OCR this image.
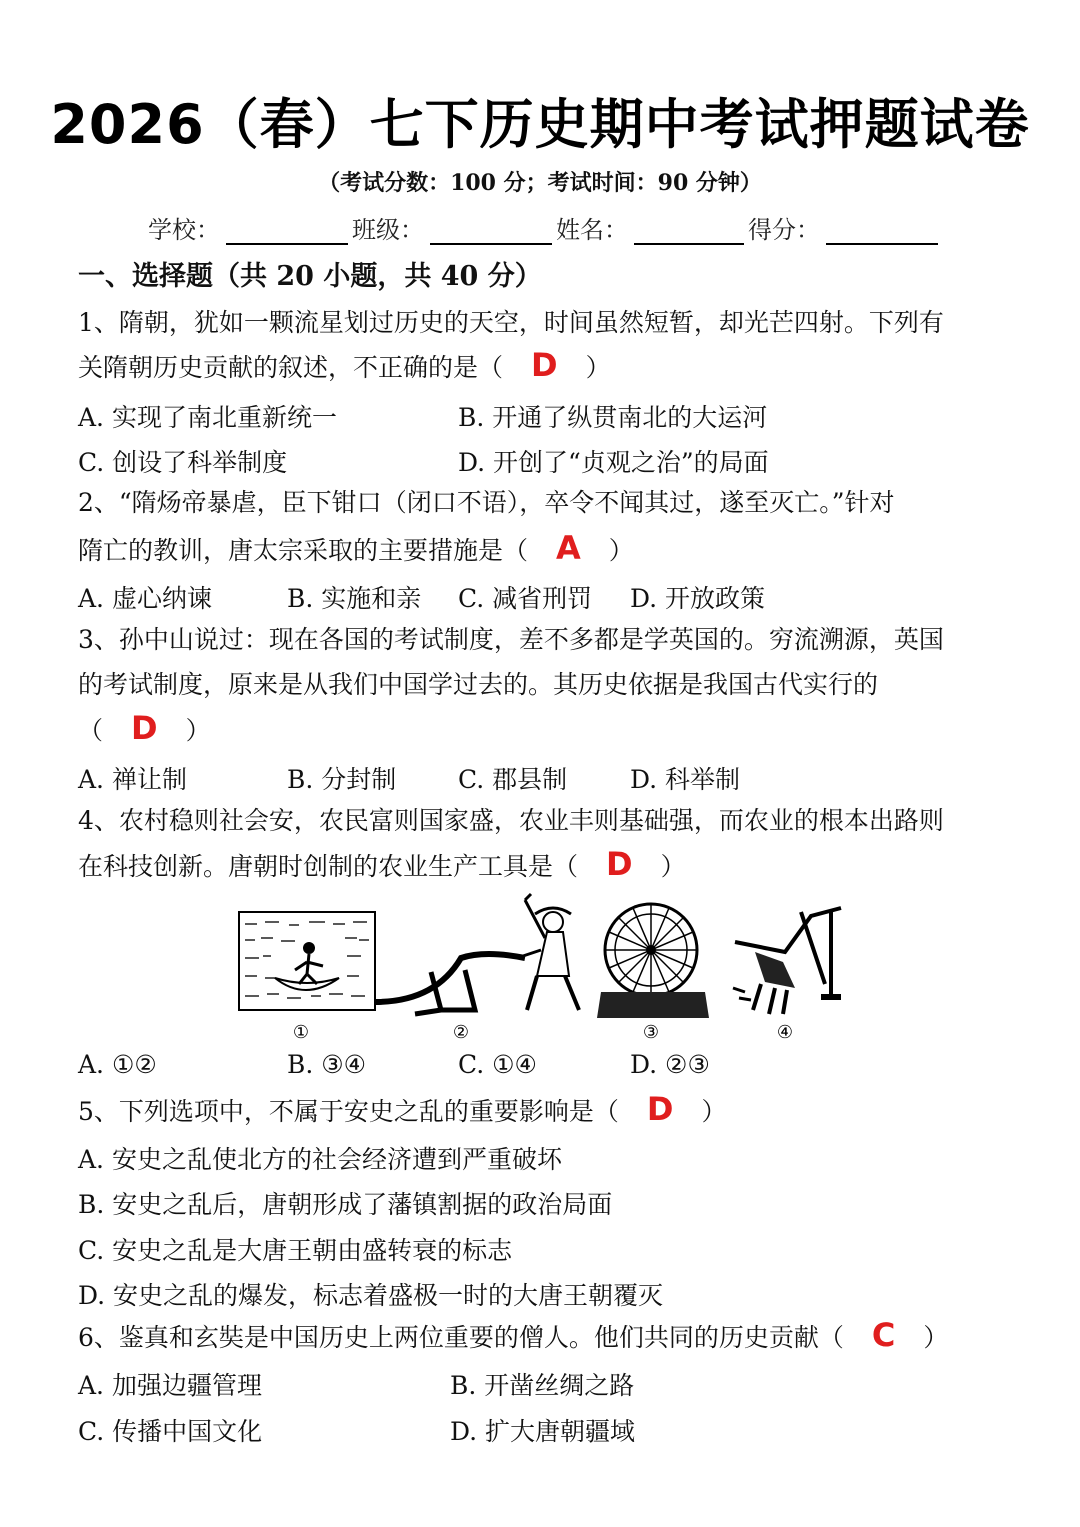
2026（春）七下历史期中考试押题试卷
（考试分数：100 分；考试时间：90 分钟）
学校：	班级：	姓名：	得分：
一、选择题（共 20 小题，共 40 分）
1、隋朝，犹如一颗流星划过历史的天空，时间虽然短暂，却光芒四射。下列有
关隋朝历史贡献的叙述，不正确的是（ D ）
A. 实现了南北重新统一	B. 开通了纵贯南北的大运河
C. 创设了科举制度	D. 开创了“贞观之治”的局面
2、“隋炀帝暴虐，臣下钳口（闭口不语），卒令不闻其过，遂至灭亡。”针对
隋亡的教训，唐太宗采取的主要措施是（ A ）
A. 虚心纳谏	B. 实施和亲 C. 减省刑罚 D. 开放政策
3、孙中山说过：现在各国的考试制度，差不多都是学英国的。穷流溯源，英国
的考试制度，原来是从我们中国学过去的。其历史依据是我国古代实行的
（ D ）
A. 禅让制	B. 分封制 C. 郡县制	D. 科举制
4、农村稳则社会安，农民富则国家盛，农业丰则基础强，而农业的根本出路则
在科技创新。唐朝时创制的农业生产工具是（ D ）
①	②	③	④
A. ①②	B. ③④	C. ①④	D. ②③
5、下列选项中，不属于安史之乱的重要影响是（ D ）
A. 安史之乱使北方的社会经济遭到严重破坏
B. 安史之乱后，唐朝形成了藩镇割据的政治局面
C. 安史之乱是大唐王朝由盛转衰的标志
D. 安史之乱的爆发，标志着盛极一时的大唐王朝覆灭
6、鉴真和玄奘是中国历史上两位重要的僧人。他们共同的历史贡献（ C ）
A. 加强边疆管理	B. 开凿丝绸之路
C. 传播中国文化	D. 扩大唐朝疆域
